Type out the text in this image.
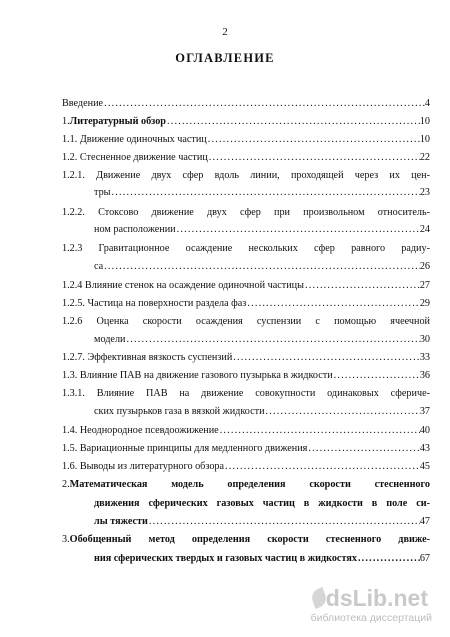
2
ОГЛАВЛЕНИЕ
Введение .....	4
1. Литературный обзор .....	10
1.1. Движение одиночных частиц .....	10
1.2. Стесненное движение частиц .....	22
1.2.1. Движение двух сфер вдоль линии, проходящей через их цен-
тры .....	23
1.2.2. Стоксово движение двух сфер при произвольном относитель-
ном расположении .....	24
1.2.3 Гравитационное осаждение нескольких сфер равного радиу-
са .....	26
1.2.4 Влияние стенок на осаждение одиночной частицы .....	27
1.2.5. Частица на поверхности раздела фаз .....	29
1.2.6 Оценка скорости осаждения суспензии с помощью ячеечной
модели .....	30
1.2.7. Эффективная вязкость суспензий .....	33
1.3. Влияние ПАВ на движение газового пузырька в жидкости .....	36
1.3.1. Влияние ПАВ на движение совокупности одинаковых сфериче-
ских пузырьков газа в вязкой жидкости .....	37
1.4. Неоднородное псевдоожижение .....	40
1.5. Вариационные принципы для медленного движения .....	43
1.6. Выводы из литературного обзора .....	45
2. Математическая модель определения скорости стесненного
движения сферических газовых частиц в жидкости в поле си-
лы тяжести .....	47
3. Обобщенный метод определения скорости стесненного движе-
ния сферических твердых и газовых частиц в жидкостях .....	67
dsLib.net
библиотека диссертаций
